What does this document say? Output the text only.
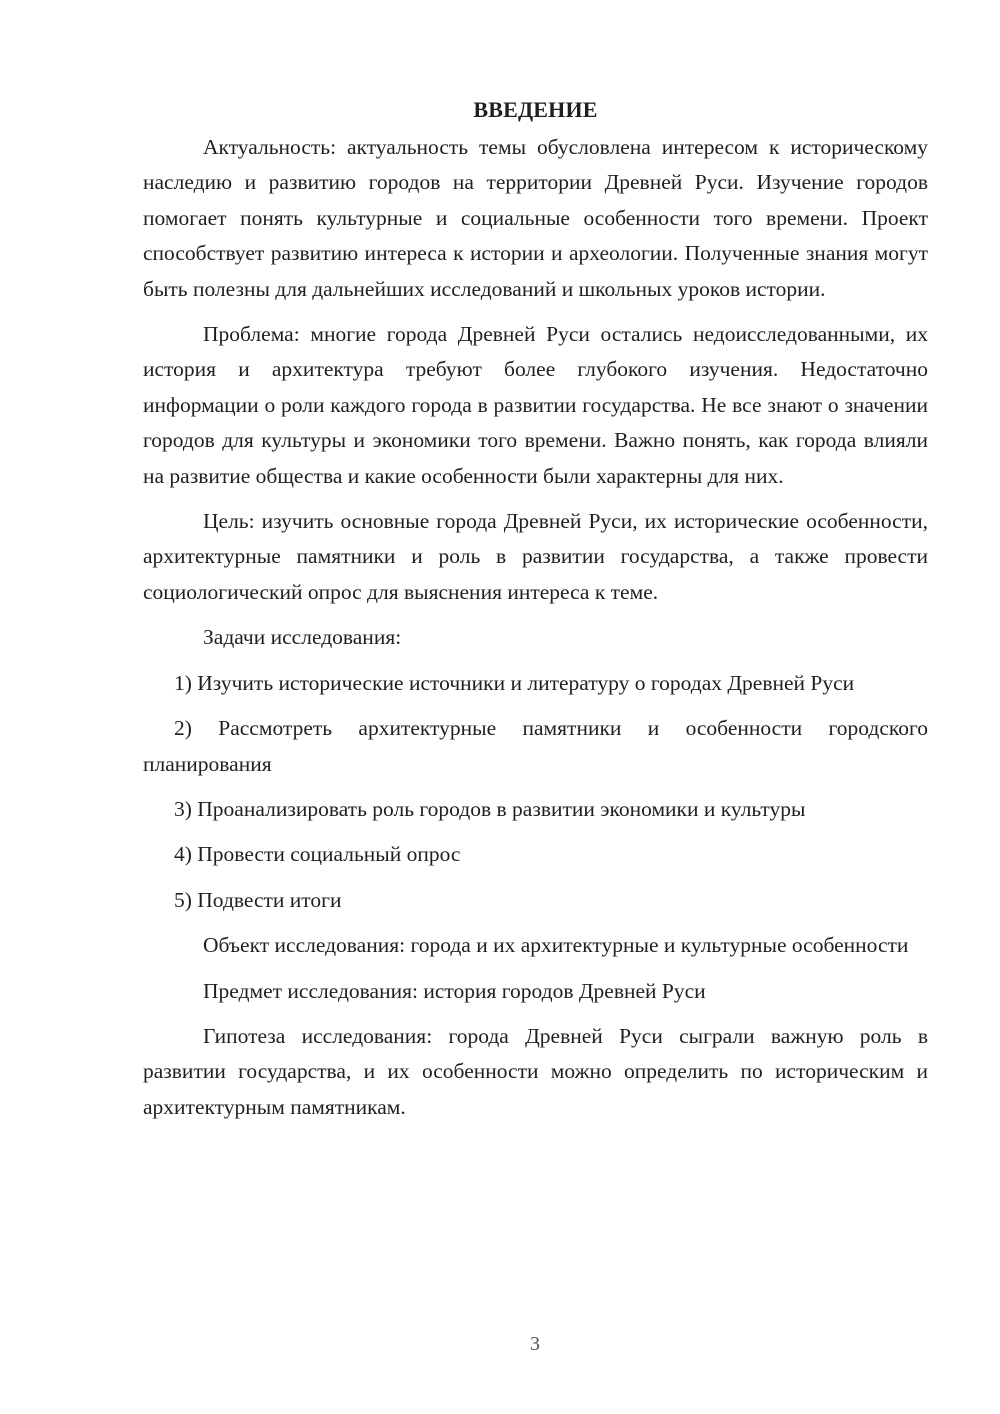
ВВЕДЕНИЕ

Актуальность: актуальность темы обусловлена интересом к историческому наследию и развитию городов на территории Древней Руси. Изучение городов помогает понять культурные и социальные особенности того времени. Проект способствует развитию интереса к истории и археологии. Полученные знания могут быть полезны для дальнейших исследований и школьных уроков истории.

Проблема: многие города Древней Руси остались недоисследованными, их история и архитектура требуют более глубокого изучения. Недостаточно информации о роли каждого города в развитии государства. Не все знают о значении городов для культуры и экономики того времени. Важно понять, как города влияли на развитие общества и какие особенности были характерны для них.

Цель: изучить основные города Древней Руси, их исторические особенности, архитектурные памятники и роль в развитии государства, а также провести социологический опрос для выяснения интереса к теме.

Задачи исследования:

1) Изучить исторические источники и литературу о городах Древней Руси

2) Рассмотреть архитектурные памятники и особенности городского планирования

3) Проанализировать роль городов в развитии экономики и культуры

4) Провести социальный опрос

5) Подвести итоги

Объект исследования: города и их архитектурные и культурные особенности

Предмет исследования: история городов Древней Руси

Гипотеза исследования: города Древней Руси сыграли важную роль в развитии государства, и их особенности можно определить по историческим и архитектурным памятникам.

3
